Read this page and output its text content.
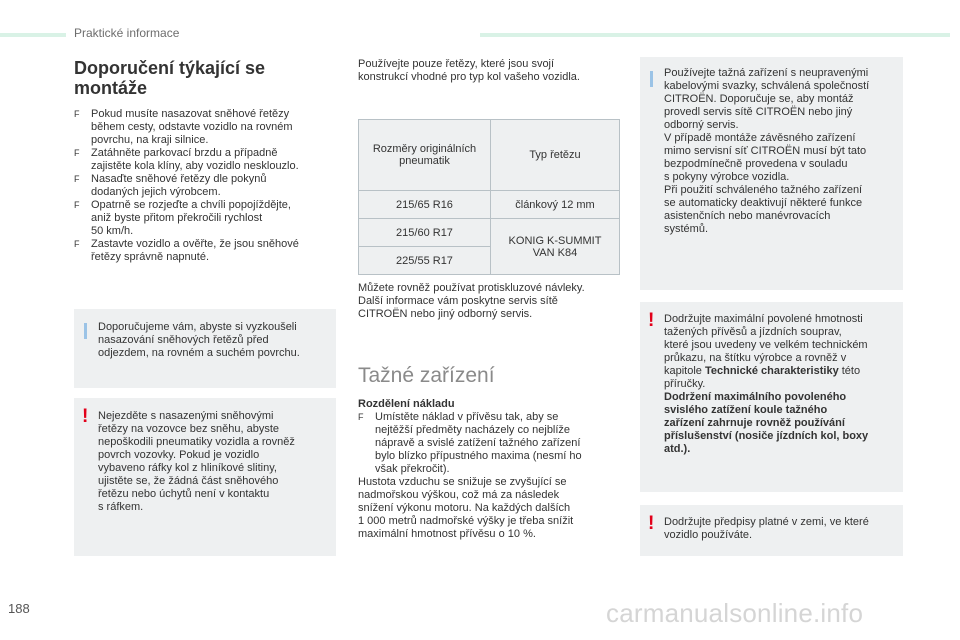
Praktické informace
Doporučení týkající se
montáže
F Pokud musíte nasazovat sněhové řetězy
během cesty, odstavte vozidlo na rovném
povrchu, na kraji silnice.
F Zatáhněte parkovací brzdu a případně
zajistěte kola klíny, aby vozidlo nesklouzlo.
F Nasaďte sněhové řetězy dle pokynů
dodaných jejich výrobcem.
F Opatrně se rozjeďte a chvíli popojíždějte,
aniž byste přitom překročili rychlost
50 km/h.
F Zastavte vozidlo a ověřte, že jsou sněhové
řetězy správně napnuté.
Doporučujeme vám, abyste si vyzkoušeli
nasazování sněhových řetězů před
odjezdem, na rovném a suchém povrchu.
! Nejezděte s nasazenými sněhovými
řetězy na vozovce bez sněhu, abyste
nepoškodili pneumatiky vozidla a rovněž
povrch vozovky. Pokud je vozidlo
vybaveno ráfky kol z hliníkové slitiny,
ujistěte se, že žádná část sněhového
řetězu nebo úchytů není v kontaktu
s ráfkem.
Používejte pouze řetězy, které jsou svojí
konstrukcí vhodné pro typ kol vašeho vozidla.
Rozměry originálních
pneumatik	Typ řetězu
215/65 R16	článkový 12 mm
215/60 R17	KONIG K-SUMMIT
VAN K84
225/55 R17	
Můžete rovněž používat protiskluzové návleky.
Další informace vám poskytne servis sítě
CITROËN nebo jiný odborný servis.
Tažné zařízení
Rozdělení nákladu
F Umístěte náklad v přívěsu tak, aby se
nejtěžší předměty nacházely co nejblíže
nápravě a svislé zatížení tažného zařízení
bylo blízko přípustného maxima (nesmí ho
však překročit).
Hustota vzduchu se snižuje se zvyšující se
nadmořskou výškou, což má za následek
snížení výkonu motoru. Na každých dalších
1 000 metrů nadmořské výšky je třeba snížit
maximální hmotnost přívěsu o 10 %.
Používejte tažná zařízení s neupravenými
kabelovými svazky, schválená společností
CITROËN. Doporučuje se, aby montáž
provedl servis sítě CITROËN nebo jiný
odborný servis.
V případě montáže závěsného zařízení
mimo servisní síť CITROËN musí být tato
bezpodmínečně provedena v souladu
s pokyny výrobce vozidla.
Při použití schváleného tažného zařízení
se automaticky deaktivují některé funkce
asistenčních nebo manévrovacích
systémů.
! Dodržujte maximální povolené hmotnosti
tažených přívěsů a jízdních souprav,
které jsou uvedeny ve velkém technickém
průkazu, na štítku výrobce a rovněž v
kapitole Technické charakteristiky této
příručky.
Dodržení maximálního povoleného
svislého zatížení koule tažného
zařízení zahrnuje rovněž používání
příslušenství (nosiče jízdních kol, boxy
atd.).
! Dodržujte předpisy platné v zemi, ve které
vozidlo používáte.
188	carmanualsonline.info
